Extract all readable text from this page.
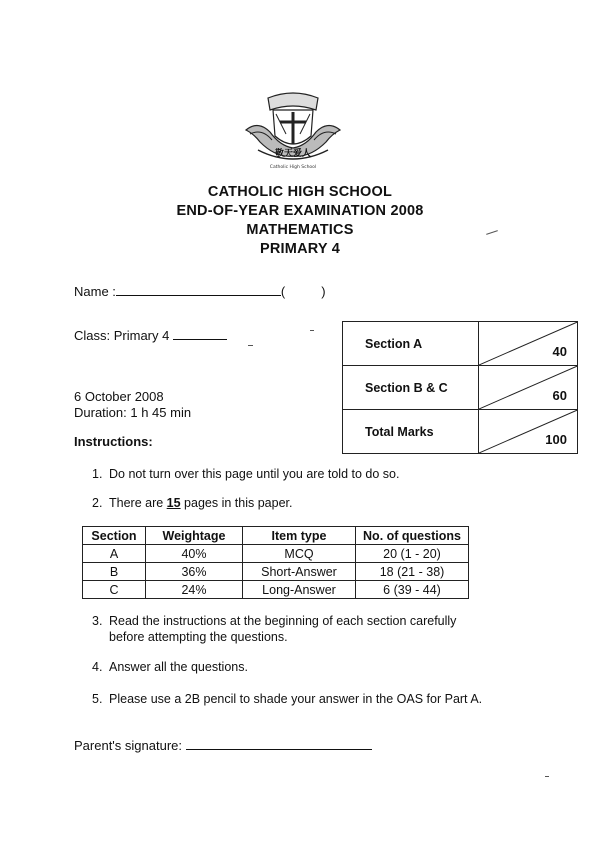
敬天爱人
Catholic High School
CATHOLIC HIGH SCHOOL
END-OF-YEAR EXAMINATION 2008
MATHEMATICS
PRIMARY 4
Name :	(	)
Class: Primary 4
6 October 2008
Duration: 1 h 45 min
Instructions:
Section A	40

Section B & C	60

Total Marks	100
1. Do not turn over this page until you are told to do so.
2. There are 15 pages in this paper.
Section	Weightage	Item type	No. of questions
A	40%	MCQ	20 (1 - 20)
B	36%	Short-Answer	18 (21 - 38)
C	24%	Long-Answer	6 (39 - 44)
3. Read the instructions at the beginning of each section carefully
before attempting the questions.
4. Answer all the questions.
5. Please use a 2B pencil to shade your answer in the OAS for Part A.
Parent's signature:
